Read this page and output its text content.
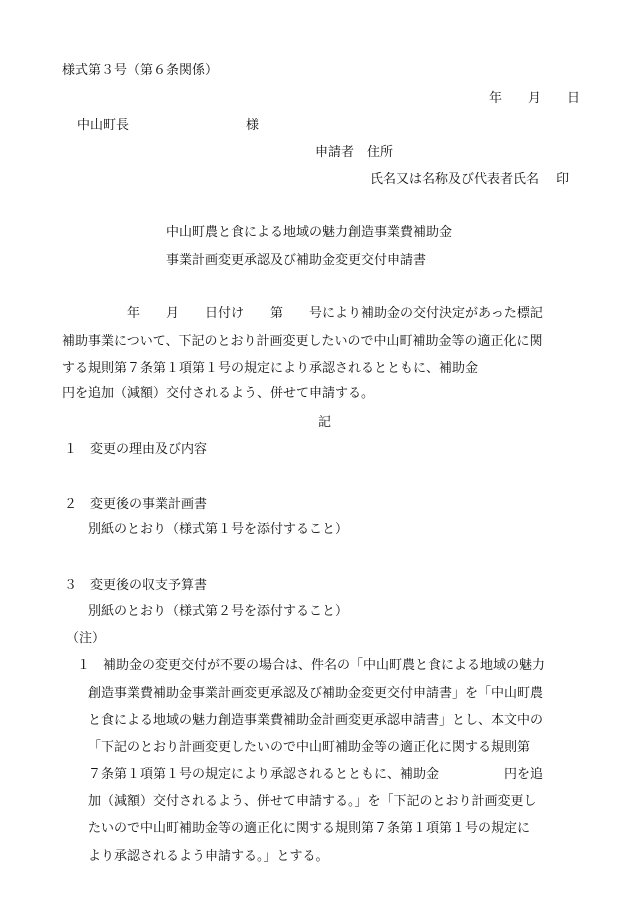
様式第３号（第６条関係）
年　　月　　日
中山町長　　　　　　　　　様
申請者　住所
氏名又は名称及び代表者氏名　 印
中山町農と食による地域の魅力創造事業費補助金
事業計画変更承認及び補助金変更交付申請書
　　　　　年　　月　　日付け　　第　　号により補助金の交付決定があった標記
補助事業について、下記のとおり計画変更したいので中山町補助金等の適正化に関
する規則第７条第１項第１号の規定により承認されるとともに、補助金
円を追加（減額）交付されるよう、併せて申請する。
記
１　変更の理由及び内容
２　変更後の事業計画書
別紙のとおり（様式第１号を添付すること）
３　変更後の収支予算書
別紙のとおり（様式第２号を添付すること）
（注）
１ 補助金の変更交付が不要の場合は、件名の「中山町農と食による地域の魅力
創造事業費補助金事業計画変更承認及び補助金変更交付申請書」を「中山町農
と食による地域の魅力創造事業費補助金計画変更承認申請書」とし、本文中の
「下記のとおり計画変更したいので中山町補助金等の適正化に関する規則第
７条第１項第１号の規定により承認されるとともに、補助金　　　　　円を追
加（減額）交付されるよう、併せて申請する。」を「下記のとおり計画変更し
たいので中山町補助金等の適正化に関する規則第７条第１項第１号の規定に
より承認されるよう申請する。」とする。
